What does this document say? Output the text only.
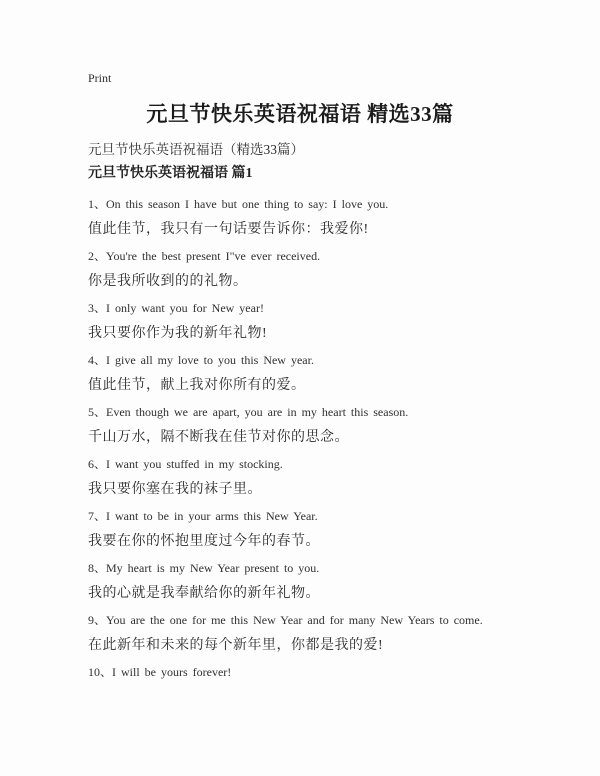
Print
元旦节快乐英语祝福语 精选33篇
元旦节快乐英语祝福语（精选33篇）
元旦节快乐英语祝福语 篇1
1、On this season I have but one thing to say: I love you.
值此佳节，我只有一句话要告诉你：我爱你!
2、You're the best present I"ve ever received.
你是我所收到的的礼物。
3、I only want you for New year!
我只要你作为我的新年礼物!
4、I give all my love to you this New year.
值此佳节，献上我对你所有的爱。
5、Even though we are apart, you are in my heart this season.
千山万水，隔不断我在佳节对你的思念。
6、I want you stuffed in my stocking.
我只要你塞在我的袜子里。
7、I want to be in your arms this New Year.
我要在你的怀抱里度过今年的春节。
8、My heart is my New Year present to you.
我的心就是我奉献给你的新年礼物。
9、You are the one for me this New Year and for many New Years to come.
在此新年和未来的每个新年里，你都是我的爱!
10、I will be yours forever!
